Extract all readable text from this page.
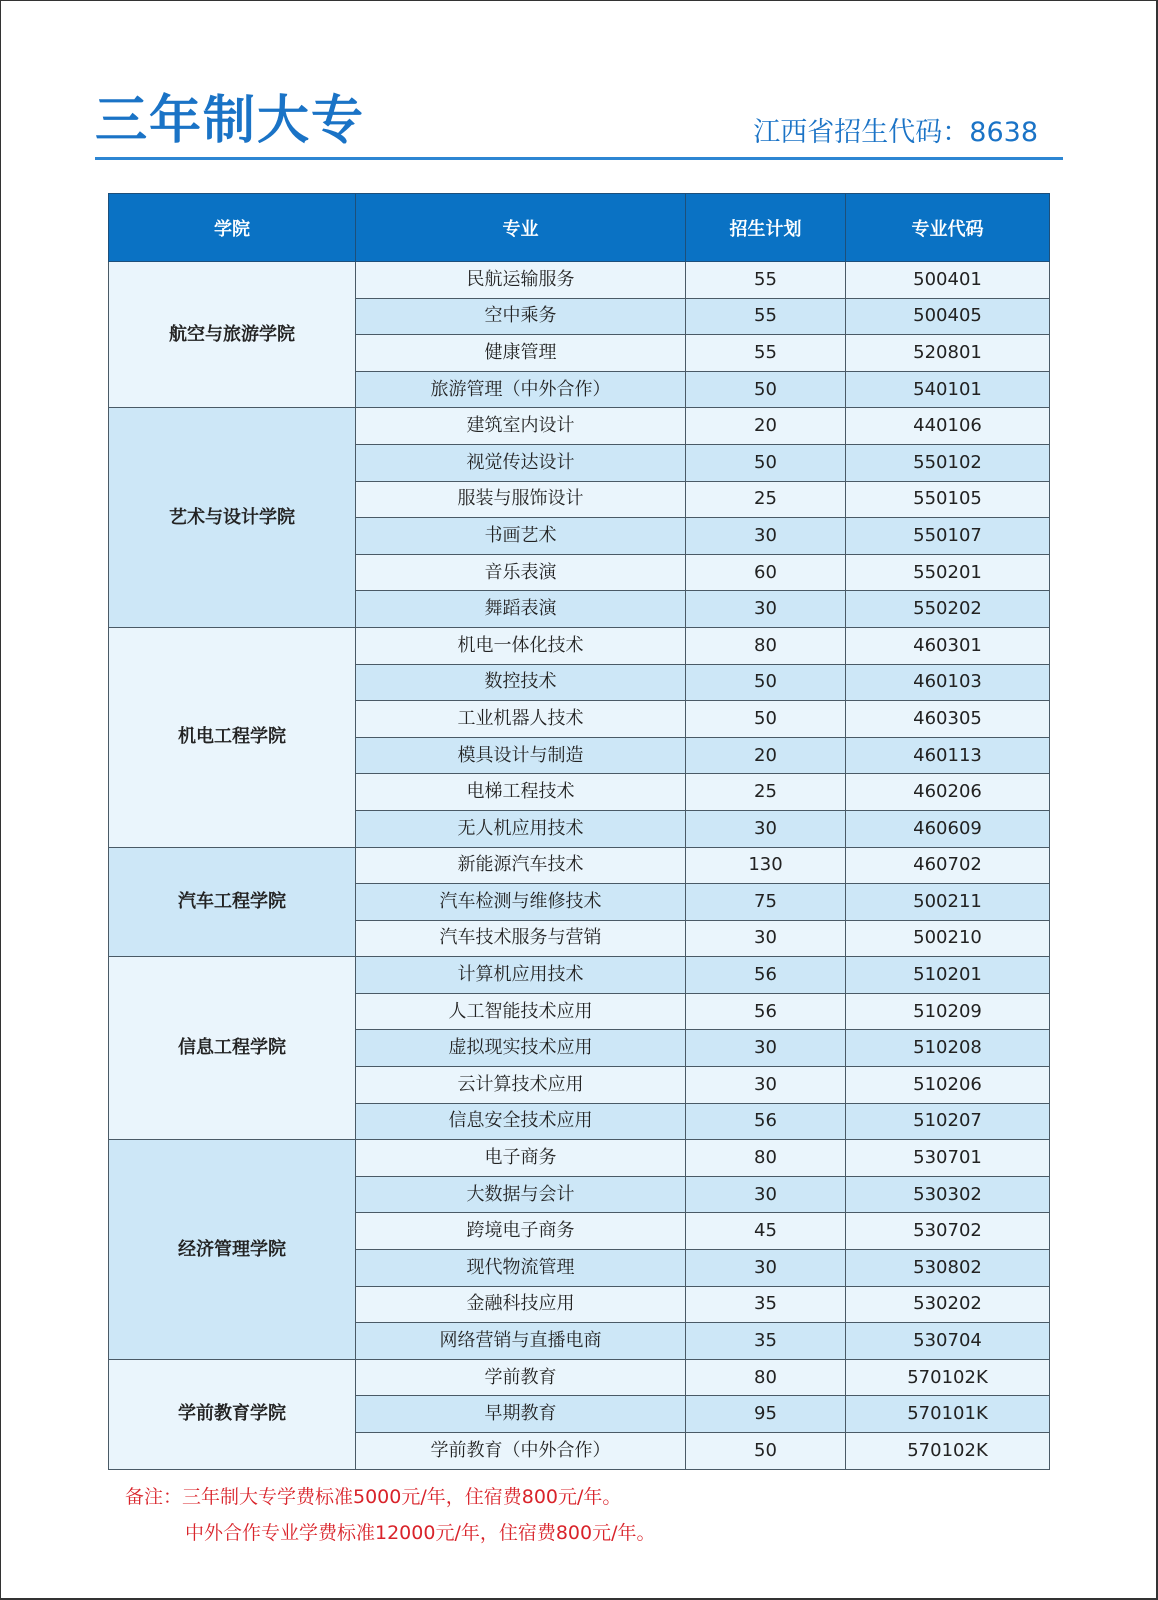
三年制大专	江西省招生代码：8638
学院	专业	招生计划	专业代码
航空与旅游学院	民航运输服务	55	500401
	空中乘务	55	500405
	健康管理	55	520801
	旅游管理（中外合作）	50	540101
艺术与设计学院	建筑室内设计	20	440106
	视觉传达设计	50	550102
	服装与服饰设计	25	550105
	书画艺术	30	550107
	音乐表演	60	550201
	舞蹈表演	30	550202
机电工程学院	机电一体化技术	80	460301
	数控技术	50	460103
	工业机器人技术	50	460305
	模具设计与制造	20	460113
	电梯工程技术	25	460206
	无人机应用技术	30	460609
汽车工程学院	新能源汽车技术	130	460702
	汽车检测与维修技术	75	500211
	汽车技术服务与营销	30	500210
信息工程学院	计算机应用技术	56	510201
	人工智能技术应用	56	510209
	虚拟现实技术应用	30	510208
	云计算技术应用	30	510206
	信息安全技术应用	56	510207
经济管理学院	电子商务	80	530701
	大数据与会计	30	530302
	跨境电子商务	45	530702
	现代物流管理	30	530802
	金融科技应用	35	530202
	网络营销与直播电商	35	530704
学前教育学院	学前教育	80	570102K
	早期教育	95	570101K
	学前教育（中外合作）	50	570102K
备注：三年制大专学费标准5000元/年，住宿费800元/年。
中外合作专业学费标准12000元/年，住宿费800元/年。
